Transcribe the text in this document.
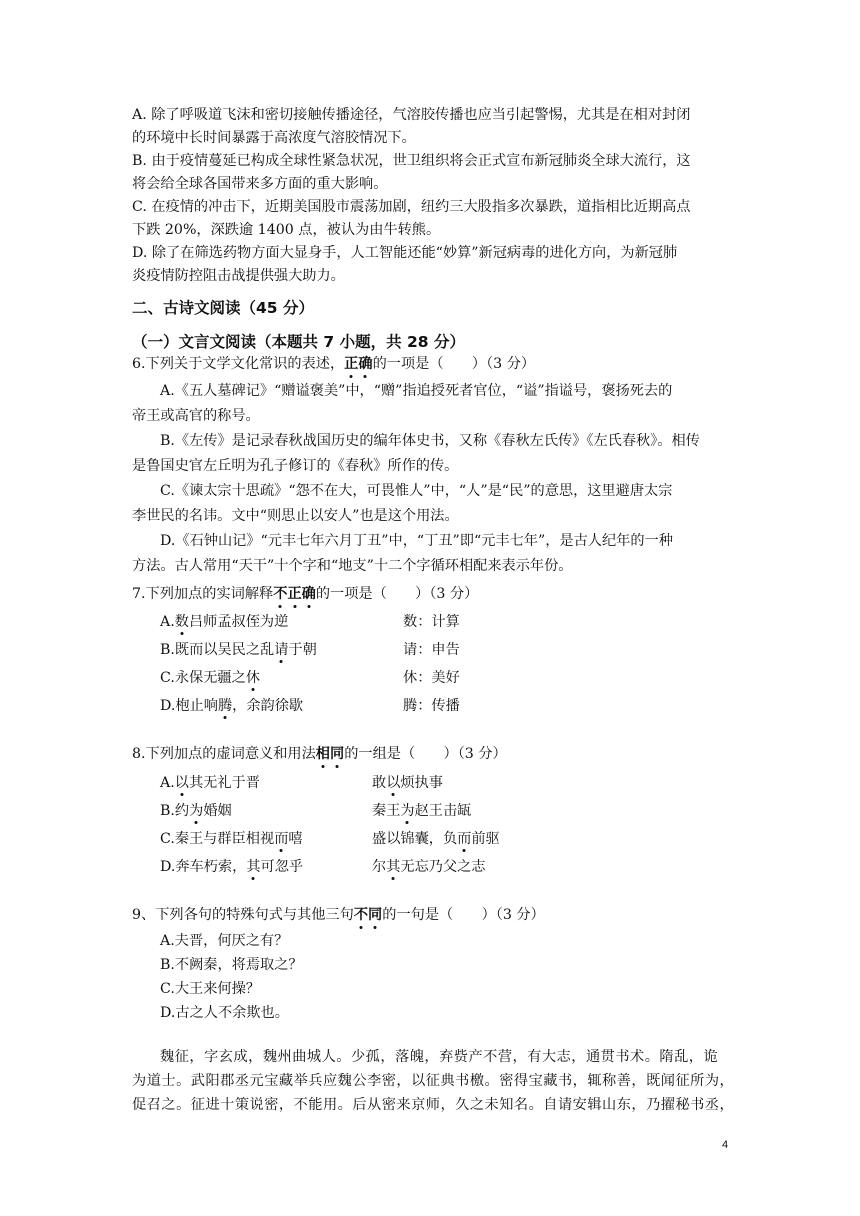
A. 除了呼吸道飞沫和密切接触传播途径，气溶胶传播也应当引起警惕，尤其是在相对封闭
的环境中长时间暴露于高浓度气溶胶情况下。
B. 由于疫情蔓延已构成全球性紧急状况，世卫组织将会正式宣布新冠肺炎全球大流行，这
将会给全球各国带来多方面的重大影响。
C. 在疫情的冲击下，近期美国股市震荡加剧，纽约三大股指多次暴跌，道指相比近期高点
下跌 20%，深跌逾 1400 点，被认为由牛转熊。
D. 除了在筛选药物方面大显身手，人工智能还能“妙算”新冠病毒的进化方向，为新冠肺
炎疫情防控阻击战提供强大助力。
二、古诗文阅读（45 分）
（一）文言文阅读（本题共 7 小题，共 28 分）
6.下列关于文学文化常识的表述，正确的一项是（　　）（3 分）
A.《五人墓碑记》“赠谥褒美”中，“赠”指追授死者官位，“谥”指谥号，褒扬死去的
帝王或高官的称号。
B.《左传》是记录春秋战国历史的编年体史书，又称《春秋左氏传》《左氏春秋》。相传
是鲁国史官左丘明为孔子修订的《春秋》所作的传。
C.《谏太宗十思疏》“怨不在大，可畏惟人”中，“人”是“民”的意思，这里避唐太宗
李世民的名讳。文中“则思止以安人”也是这个用法。
D.《石钟山记》“元丰七年六月丁丑”中，“丁丑”即“元丰七年”，是古人纪年的一种
方法。古人常用“天干”十个字和“地支”十二个字循环相配来表示年份。
7.下列加点的实词解释不正确的一项是（　　）（3 分）
A.数吕师孟叔侄为逆	数：计算
B.既而以吴民之乱请于朝	请：申告
C.永保无疆之休	休：美好
D.枹止响腾，余韵徐歇	腾：传播
8.下列加点的虚词意义和用法相同的一组是（　　）（3 分）
A.以其无礼于晋	敢以烦执事
B.约为婚姻	秦王为赵王击缻
C.秦王与群臣相视而嘻	盛以锦囊，负而前驱
D.奔车朽索，其可忽乎	尔其无忘乃父之志
9、下列各句的特殊句式与其他三句不同的一句是（　　）（3 分）
A.夫晋，何厌之有？
B.不阙秦，将焉取之？
C.大王来何操？
D.古之人不余欺也。
魏征，字玄成，魏州曲城人。少孤，落魄，弃赀产不营，有大志，通贯书术。隋乱，诡
为道士。武阳郡丞元宝藏举兵应魏公李密，以征典书檄。密得宝藏书，辄称善，既闻征所为，
促召之。征进十策说密，不能用。后从密来京师，久之未知名。自请安辑山东，乃擢秘书丞，
4
